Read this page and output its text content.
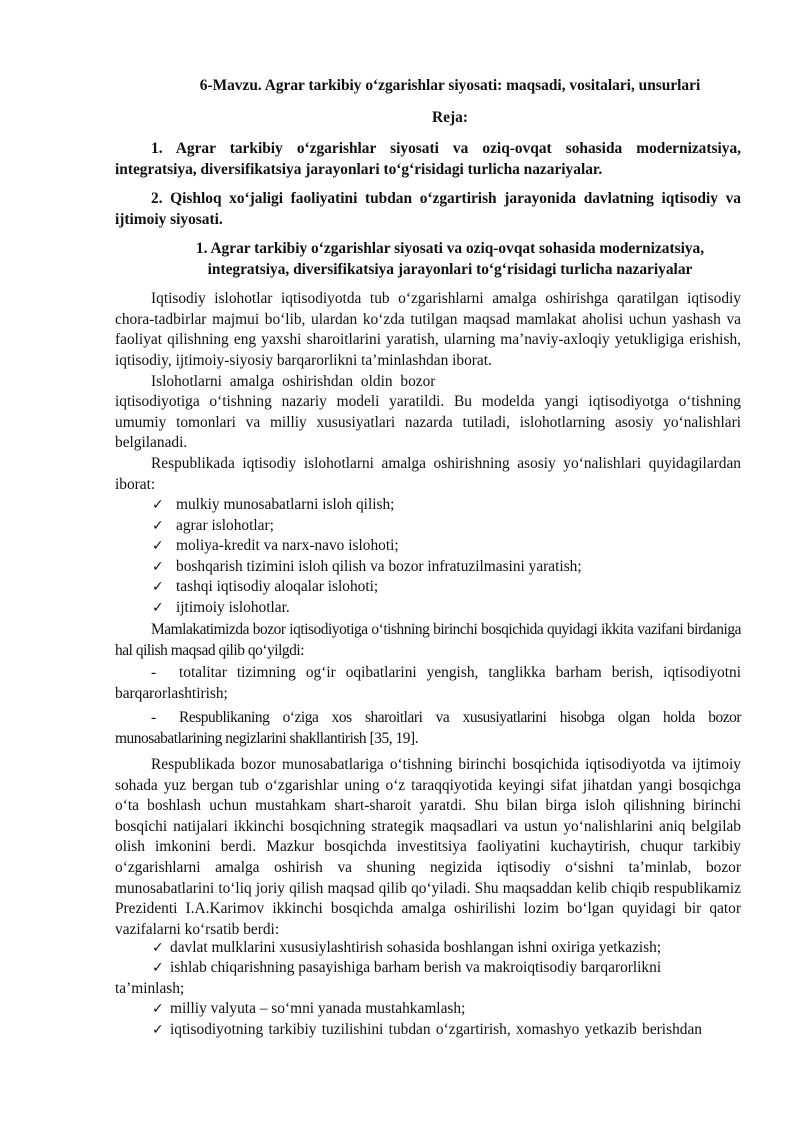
6-Mavzu. Agrar tarkibiy o‘zgarishlar siyosati: maqsadi, vositalari, unsurlari
Reja:
1. Agrar tarkibiy o‘zgarishlar siyosati va oziq-ovqat sohasida modernizatsiya, integratsiya, diversifikatsiya jarayonlari to‘g‘risidagi turlicha nazariyalar.
2. Qishloq xo‘jaligi faoliyatini tubdan o‘zgartirish jarayonida davlatning iqtisodiy va ijtimoiy siyosati.
1. Agrar tarkibiy o‘zgarishlar siyosati va oziq-ovqat sohasida modernizatsiya, integratsiya, diversifikatsiya jarayonlari to‘g‘risidagi turlicha nazariyalar
Iqtisodiy islohotlar iqtisodiyotda tub o‘zgarishlarni amalga oshirishga qaratilgan iqtisodiy chora-tadbirlar majmui bo‘lib, ulardan ko‘zda tutilgan maqsad mamlakat aholisi uchun yashash va faoliyat qilishning eng yaxshi sharoitlarini yaratish, ularning ma’naviy-axloqiy yetukligiga erishish, iqtisodiy, ijtimoiy-siyosiy barqarorlikni ta’minlashdan iborat.
Islohotlarni amalga oshirishdan oldin bozor
iqtisodiyotiga o‘tishning nazariy modeli yaratildi. Bu modelda yangi iqtisodiyotga o‘tishning umumiy tomonlari va milliy xususiyatlari nazarda tutiladi, islohotlarning asosiy yo‘nalishlari belgilanadi.
Respublikada iqtisodiy islohotlarni amalga oshirishning asosiy yo‘nalishlari quyidagilardan iborat:
✓ mulkiy munosabatlarni isloh qilish;
✓ agrar islohotlar;
✓ moliya-kredit va narx-navo islohoti;
✓ boshqarish tizimini isloh qilish va bozor infratuzilmasini yaratish;
✓ tashqi iqtisodiy aloqalar islohoti;
✓ ijtimoiy islohotlar.
Mamlakatimizda bozor iqtisodiyotiga o‘tishning birinchi bosqichida quyidagi ikkita vazifani birdaniga hal qilish maqsad qilib qo‘yilgdi:
- totalitar tizimning og‘ir oqibatlarini yengish, tanglikka barham berish, iqtisodiyotni barqarorlashtirish;
- Respublikaning o‘ziga xos sharoitlari va xususiyatlarini hisobga olgan holda bozor munosabatlarining negizlarini shakllantirish [35, 19].
Respublikada bozor munosabatlariga o‘tishning birinchi bosqichida iqtisodiyotda va ijtimoiy sohada yuz bergan tub o‘zgarishlar uning o‘z taraqqiyotida keyingi sifat jihatdan yangi bosqichga o‘ta boshlash uchun mustahkam shart-sharoit yaratdi. Shu bilan birga isloh qilishning birinchi bosqichi natijalari ikkinchi bosqichning strategik maqsadlari va ustun yo‘nalishlarini aniq belgilab olish imkonini berdi. Mazkur bosqichda investitsiya faoliyatini kuchaytirish, chuqur tarkibiy o‘zgarishlarni amalga oshirish va shuning negizida iqtisodiy o‘sishni ta’minlab, bozor munosabatlarini to‘liq joriy qilish maqsad qilib qo‘yiladi. Shu maqsaddan kelib chiqib respublikamiz Prezidenti I.A.Karimov ikkinchi bosqichda amalga oshirilishi lozim bo‘lgan quyidagi bir qator vazifalarni ko‘rsatib berdi:
✓ davlat mulklarini xususiylashtirish sohasida boshlangan ishni oxiriga yetkazish;
✓ ishlab chiqarishning pasayishiga barham berish va makroiqtisodiy barqarorlikni ta’minlash;
✓ milliy valyuta – so‘mni yanada mustahkamlash;
✓ iqtisodiyotning tarkibiy tuzilishini tubdan o‘zgartirish, xomashyo yetkazib berishdan
